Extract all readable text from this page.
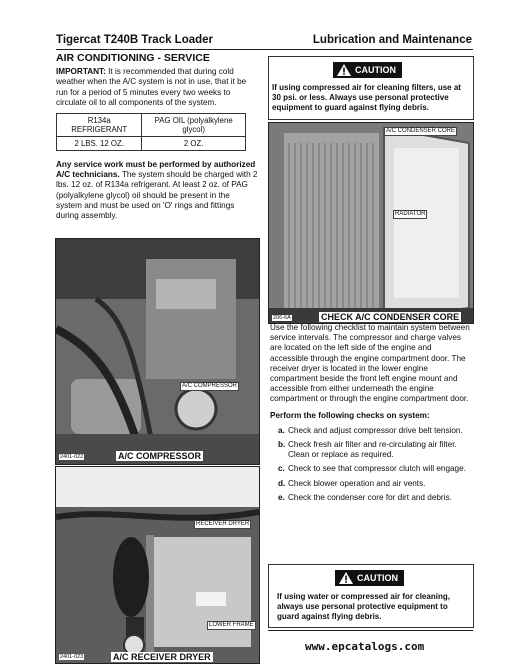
Tigercat T240B Track Loader	Lubrication and Maintenance
AIR CONDITIONING - SERVICE

IMPORTANT: It is recommended that during cold weather when the A/C system is not in use, that it be run for a period of 5 minutes every two weeks to circulate oil to all components of the system.

R134a REFRIGERANT	PAG OIL (polyalkylene glycol)
2 LBS. 12 OZ.	2 OZ.

Any service work must be performed by authorized A/C technicians. The system should be charged with 2 lbs. 12 oz. of R134a refrigerant. At least 2 oz. of PAG (polyalkylene glycol) oil should be present in the system and must be used on 'O' rings and fittings during assembly.

A/C COMPRESSOR
2401-022	A/C COMPRESSOR
RECEIVER DRYER
LOWER FRAME
2401-023	A/C RECEIVER DRYER
CAUTION

If using compressed air for cleaning filters, use at 30 psi. or less. Always use personal protective equipment to guard against flying debris.

A/C CONDENSER CORE
RADIATOR
206-6A	CHECK A/C CONDENSER CORE

Use the following checklist to maintain system between service intervals. The compressor and charge valves are located on the left side of the engine and accessible through the engine compartment door. The receiver dryer is located in the lower engine compartment beside the front left engine mount and accessible from either underneath the engine compartment or through the engine compartment door.

Perform the following checks on system:

a. Check and adjust compressor drive belt tension.
b. Check fresh air filter and re-circulating air filter. Clean or replace as required.
c. Check to see that compressor clutch will engage.
d. Check blower operation and air vents.
e. Check the condenser core for dirt and debris.
CAUTION

If using water or compressed air for cleaning, always use personal protective equipment to guard against flying debris.

www.epcatalogs.com
